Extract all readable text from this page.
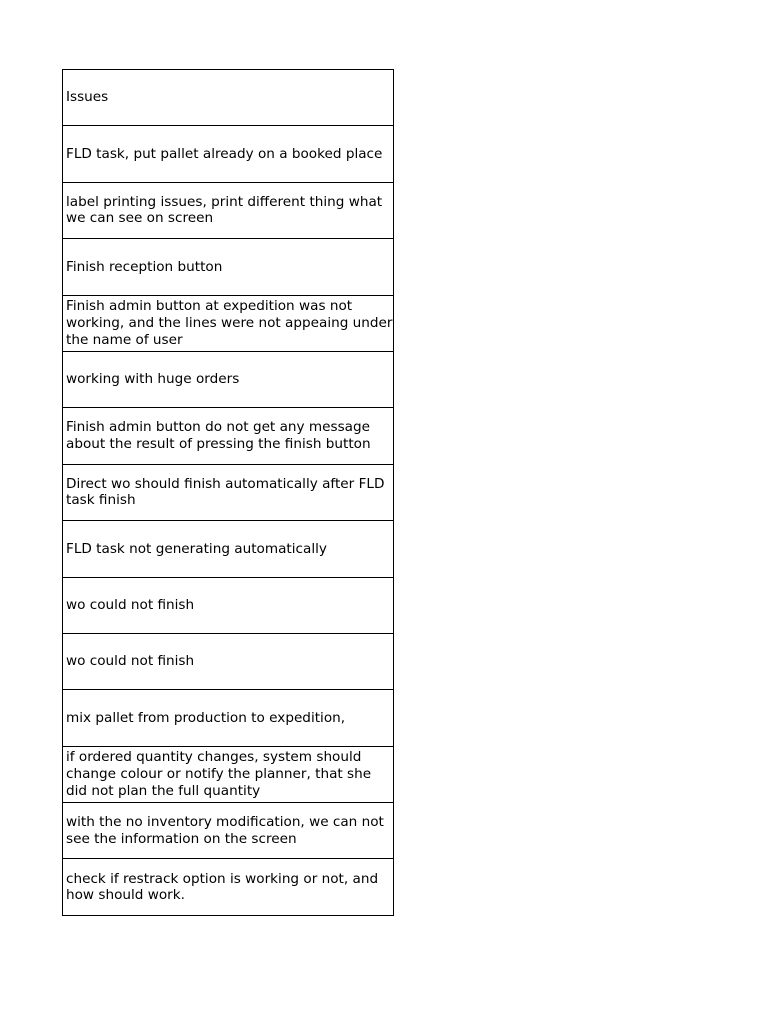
Issues
FLD task, put pallet already on a booked place
label printing issues, print different thing what we can see on screen
Finish reception button
Finish admin button at expedition was not working, and the lines were not appeaing under the name of user
working with huge orders
Finish admin button do not get any message about the result of pressing the finish button
Direct wo should finish automatically after FLD task finish
FLD task not generating automatically
wo could not finish
wo could not finish
mix pallet from production to expedition,
if ordered quantity changes, system should change colour or notify the planner, that she did not plan the full quantity
with the no inventory modification, we can not see the information on the screen
check if restrack option is working or not, and how should work.
